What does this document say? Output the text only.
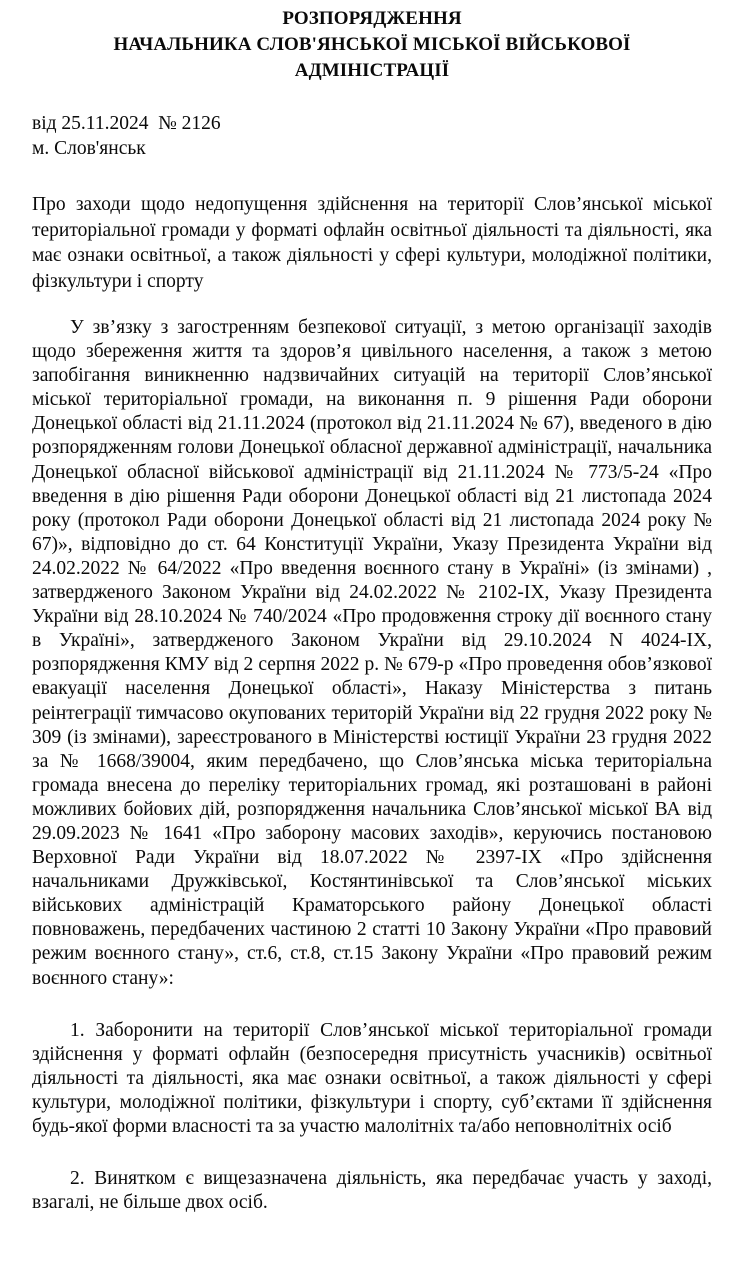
РОЗПОРЯДЖЕННЯ
НАЧАЛЬНИКА СЛОВ'ЯНСЬКОЇ МІСЬКОЇ ВІЙСЬКОВОЇ
АДМІНІСТРАЦІЇ
від 25.11.2024  № 2126
м. Слов'янськ
Про заходи щодо недопущення здійснення на території Слов’янської міської територіальної громади у форматі офлайн освітньої діяльності та діяльності, яка має ознаки освітньої, а також діяльності у сфері культури, молодіжної політики, фізкультури і спорту
У зв’язку з загостренням безпекової ситуації, з метою організації заходів щодо збереження життя та здоров’я цивільного населення, а також з метою запобігання виникненню надзвичайних ситуацій на території Слов’янської міської територіальної громади, на виконання п. 9 рішення Ради оборони Донецької області від 21.11.2024 (протокол від 21.11.2024 № 67), введеного в дію розпорядженням голови Донецької обласної державної адміністрації, начальника Донецької обласної військової адміністрації від 21.11.2024 № 773/5-24 «Про введення в дію рішення Ради оборони Донецької області від 21 листопада 2024 року (протокол Ради оборони Донецької області від 21 листопада 2024 року № 67)», відповідно до ст. 64 Конституції України, Указу Президента України від 24.02.2022 № 64/2022 «Про введення воєнного стану в Україні» (із змінами) , затвердженого Законом України від 24.02.2022 № 2102-IX, Указу Президента України від 28.10.2024 № 740/2024 «Про продовження строку дії воєнного стану в Україні», затвердженого Законом України від 29.10.2024 N 4024-IX, розпорядження КМУ від 2 серпня 2022 р. № 679-р «Про проведення обов’язкової евакуації населення Донецької області», Наказу Міністерства з питань реінтеграції тимчасово окупованих територій України від 22 грудня 2022 року № 309 (із змінами), зареєстрованого в Міністерстві юстиції України 23 грудня 2022 за № 1668/39004, яким передбачено, що Слов’янська міська територіальна громада внесена до переліку територіальних громад, які розташовані в районі можливих бойових дій, розпорядження начальника Слов’янської міської ВА від 29.09.2023 № 1641 «Про заборону масових заходів», керуючись постановою Верховної Ради України від 18.07.2022 № 2397-IX «Про здійснення начальниками Дружківської, Костянтинівської та Слов’янської міських військових адміністрацій Краматорського району Донецької області повноважень, передбачених частиною 2 статті 10 Закону України «Про правовий режим воєнного стану», ст.6, ст.8, ст.15 Закону України «Про правовий режим воєнного стану»:
1. Заборонити на території Слов’янської міської територіальної громади здійснення у форматі офлайн (безпосередня присутність учасників) освітньої діяльності та діяльності, яка має ознаки освітньої, а також діяльності у сфері культури, молодіжної політики, фізкультури і спорту, суб’єктами її здійснення будь-якої форми власності та за участю малолітніх та/або неповнолітніх осіб
2. Винятком є вищезазначена діяльність, яка передбачає участь у заході, взагалі, не більше двох осіб.
